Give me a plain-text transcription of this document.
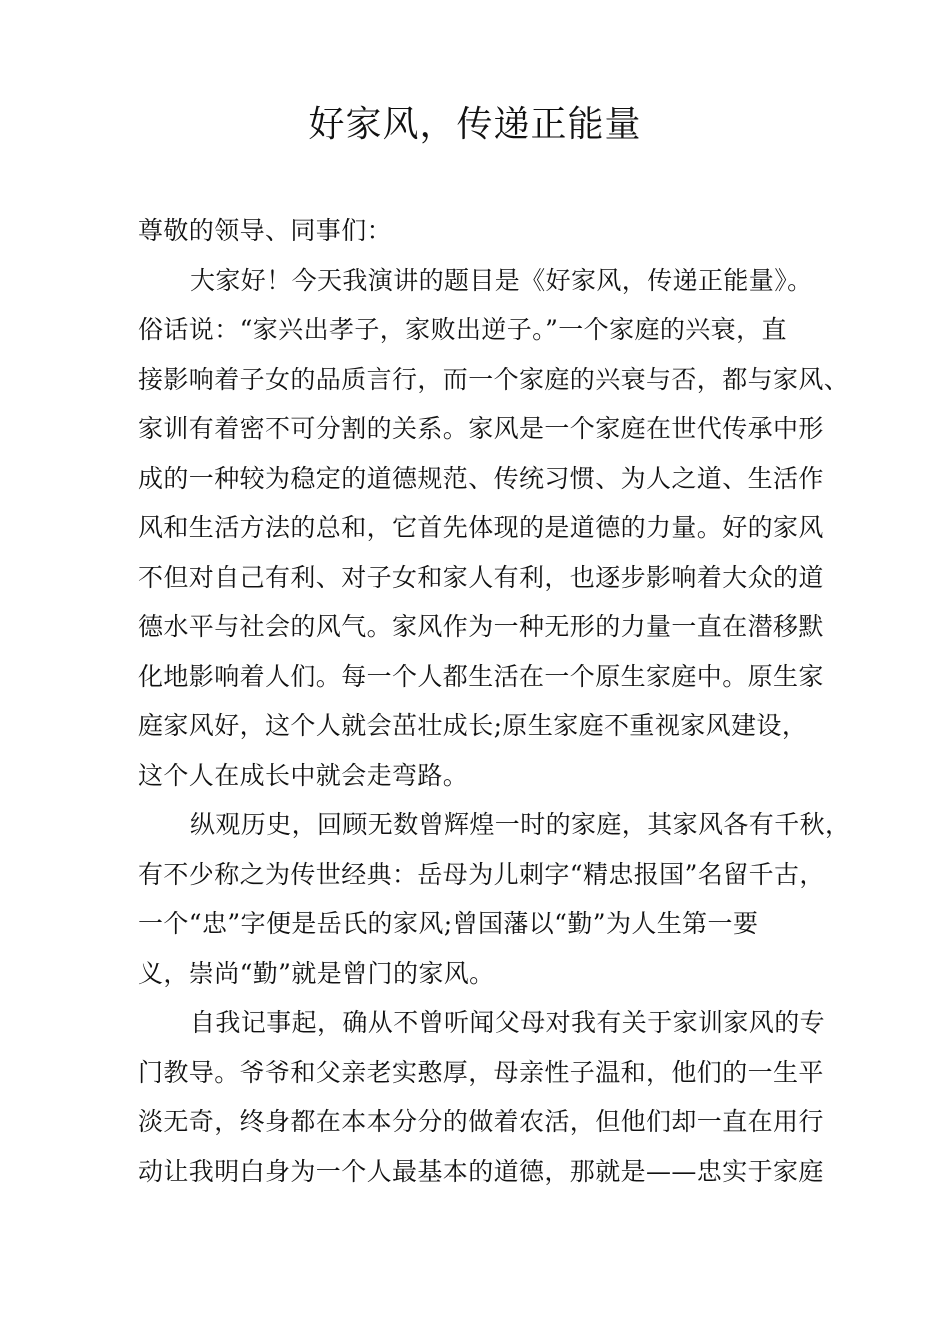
好家风，传递正能量
尊敬的领导、同事们：
大家好！今天我演讲的题目是《好家风，传递正能量》。
俗话说：“家兴出孝子，家败出逆子。”一个家庭的兴衰，直
接影响着子女的品质言行，而一个家庭的兴衰与否，都与家风、
家训有着密不可分割的关系。家风是一个家庭在世代传承中形
成的一种较为稳定的道德规范、传统习惯、为人之道、生活作
风和生活方法的总和，它首先体现的是道德的力量。好的家风
不但对自己有利、对子女和家人有利，也逐步影响着大众的道
德水平与社会的风气。家风作为一种无形的力量一直在潜移默
化地影响着人们。每一个人都生活在一个原生家庭中。原生家
庭家风好，这个人就会茁壮成长;原生家庭不重视家风建设，
这个人在成长中就会走弯路。
纵观历史，回顾无数曾辉煌一时的家庭，其家风各有千秋，
有不少称之为传世经典：岳母为儿刺字“精忠报国”名留千古，
一个“忠”字便是岳氏的家风;曾国藩以“勤”为人生第一要
义，崇尚“勤”就是曾门的家风。
自我记事起，确从不曾听闻父母对我有关于家训家风的专
门教导。爷爷和父亲老实憨厚，母亲性子温和，他们的一生平
淡无奇，终身都在本本分分的做着农活，但他们却一直在用行
动让我明白身为一个人最基本的道德，那就是——忠实于家庭
